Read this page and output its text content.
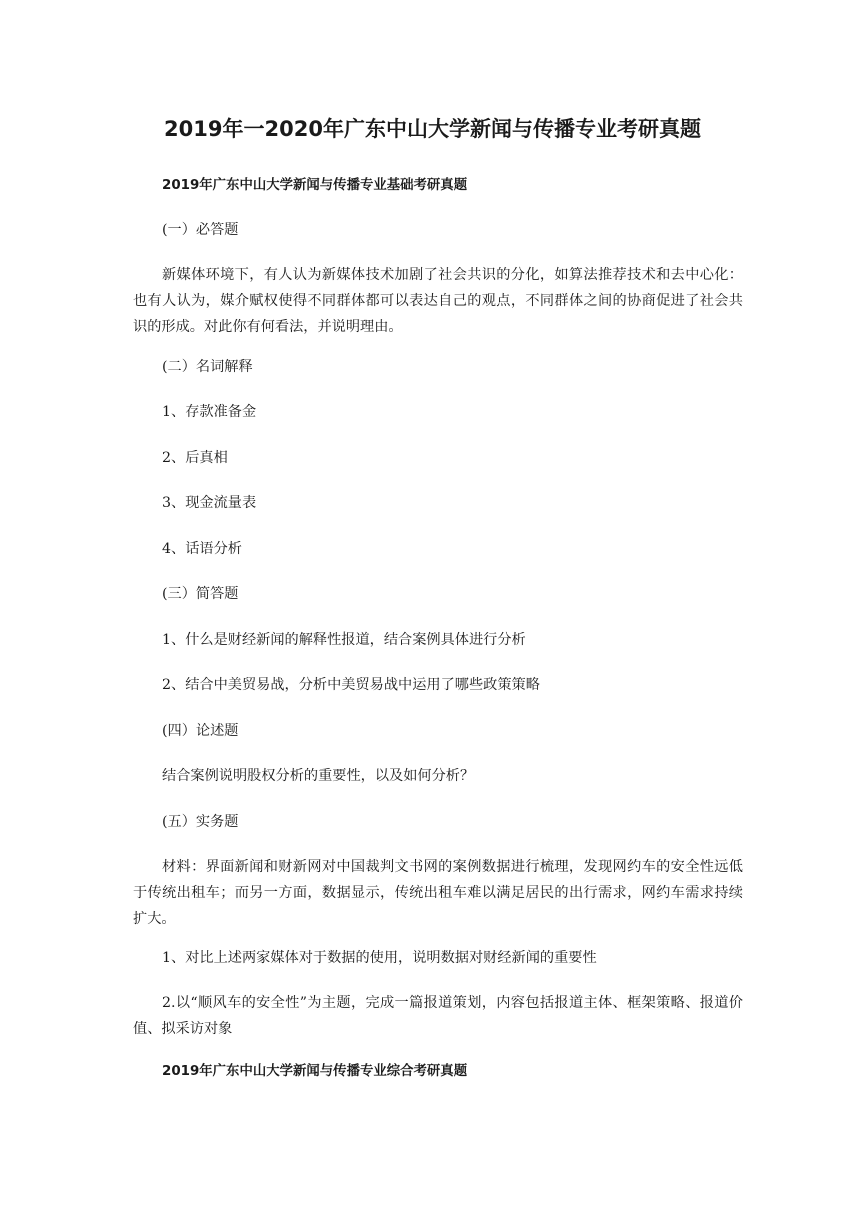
2019年一2020年广东中山大学新闻与传播专业考研真题

2019年广东中山大学新闻与传播专业基础考研真题

(一）必答题

新媒体环境下，有人认为新媒体技术加剧了社会共识的分化，如算法推荐技术和去中心化：也有人认为，媒介赋权使得不同群体都可以表达自己的观点，不同群体之间的协商促进了社会共识的形成。对此你有何看法，并说明理由。

(二）名词解释

1、存款准备金

2、后真相

3、现金流量表

4、话语分析

(三）简答题

1、什么是财经新闻的解释性报道，结合案例具体进行分析

2、结合中美贸易战，分析中美贸易战中运用了哪些政策策略

(四）论述题

结合案例说明股权分析的重要性，以及如何分析？

(五）实务题

材料：界面新闻和财新网对中国裁判文书网的案例数据进行梳理，发现网约车的安全性远低于传统出租车；而另一方面，数据显示，传统出租车难以满足居民的出行需求，网约车需求持续扩大。

1、对比上述两家媒体对于数据的使用，说明数据对财经新闻的重要性

2.以“顺风车的安全性”为主题，完成一篇报道策划，内容包括报道主体、框架策略、报道价值、拟采访对象

2019年广东中山大学新闻与传播专业综合考研真题
